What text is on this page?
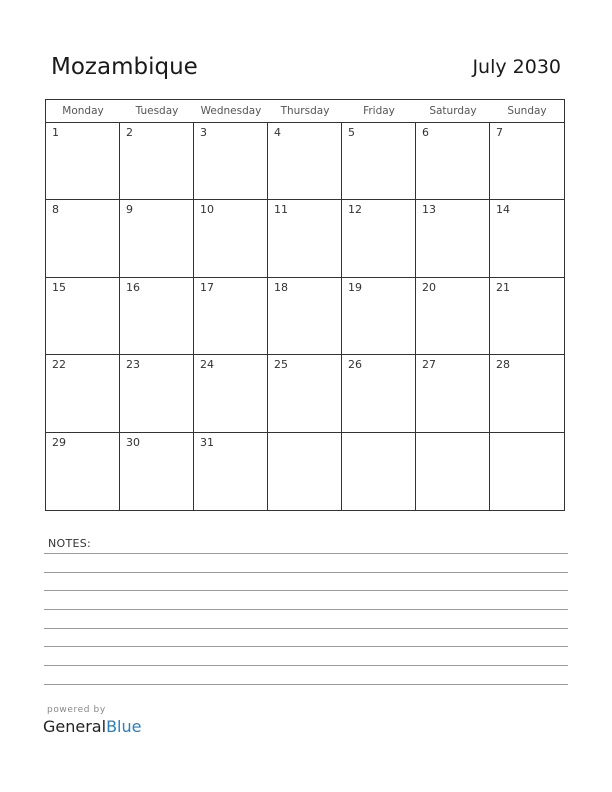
Mozambique	July 2030
Monday	Tuesday	Wednesday	Thursday	Friday	Saturday	Sunday
1	2	3	4	5	6	7
8	9	10	11	12	13	14
15	16	17	18	19	20	21
22	23	24	25	26	27	28
29	30	31
NOTES:
powered by
GeneralBlue
